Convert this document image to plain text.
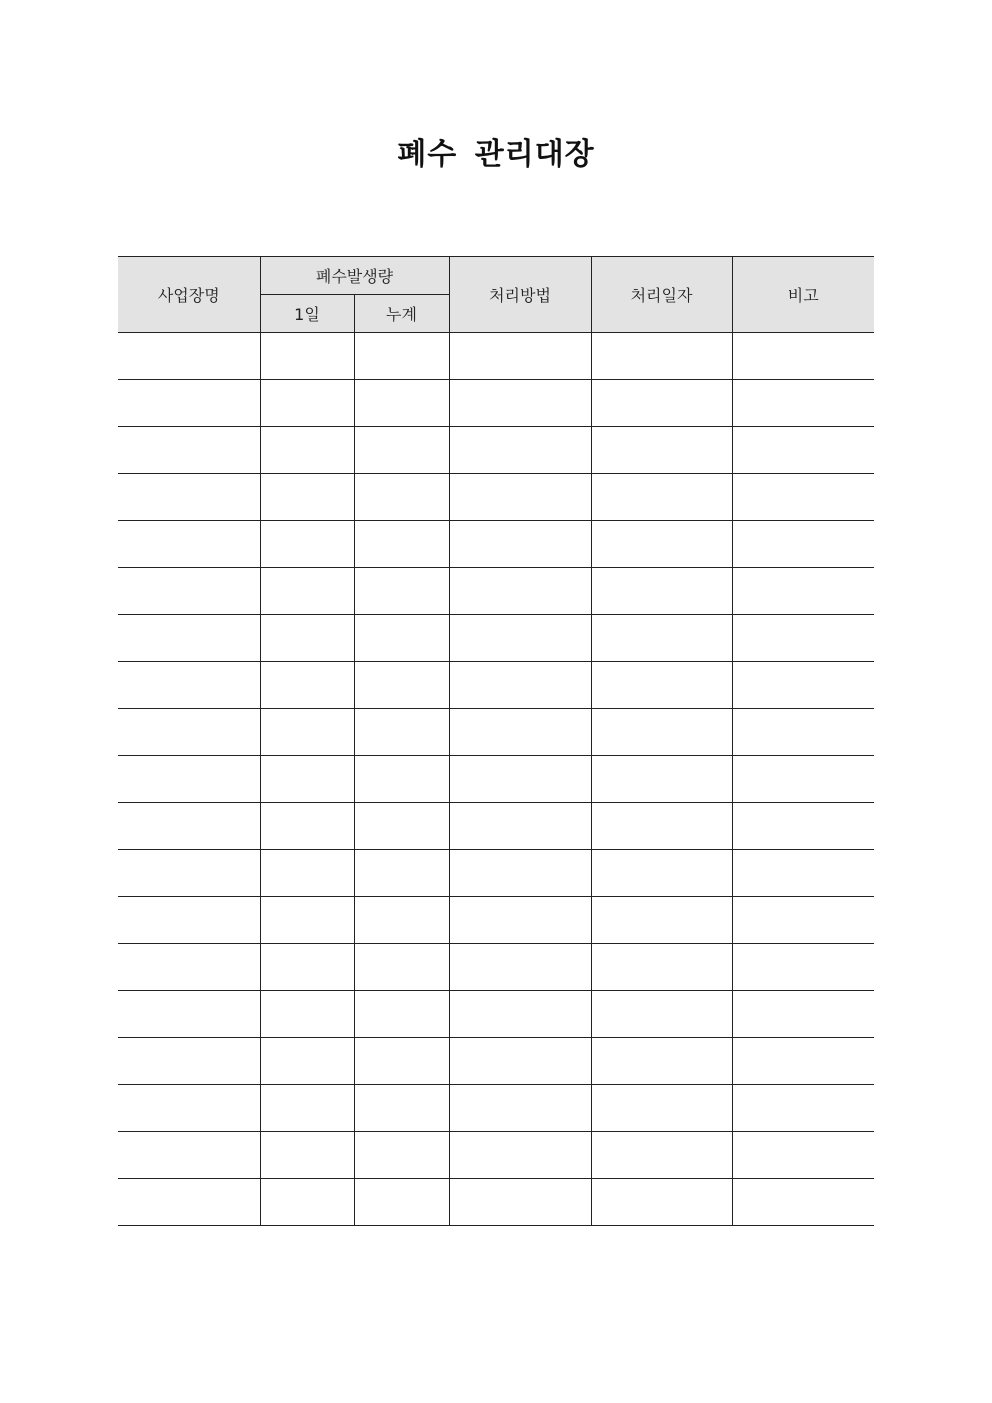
폐수 관리대장
사업장명	폐수발생량		처리방법	처리일자	비고
	1일	누계			
